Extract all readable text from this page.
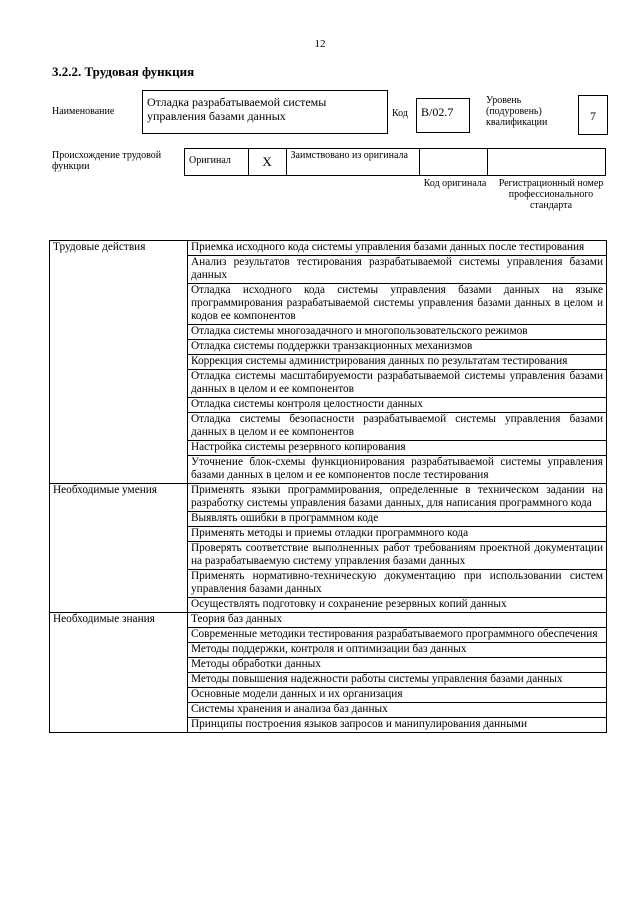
12
3.2.2. Трудовая функция
Наименование
Отладка разрабатываемой системы управления базами данных	Код	В/02.7
Уровень (подуровень) квалификации	7
Происхождение трудовой функции
Оригинал	X	Заимствовано из оригинала
Код оригинала	Регистрационный номер профессионального стандарта
Трудовые действия	Приемка исходного кода системы управления базами данных после тестирования
	Анализ результатов тестирования разрабатываемой системы управления базами данных
	Отладка исходного кода системы управления базами данных на языке программирования разрабатываемой системы управления базами данных в целом и кодов ее компонентов
	Отладка системы многозадачного и многопользовательского режимов
	Отладка системы поддержки транзакционных механизмов
	Коррекция системы администрирования данных по результатам тестирования
	Отладка системы масштабируемости разрабатываемой системы управления базами данных в целом и ее компонентов
	Отладка системы контроля целостности данных
	Отладка системы безопасности разрабатываемой системы управления базами данных в целом и ее компонентов
	Настройка системы резервного копирования
	Уточнение блок-схемы функционирования разрабатываемой системы управления базами данных в целом и ее компонентов после тестирования
Необходимые умения	Применять языки программирования, определенные в техническом задании на разработку системы управления базами данных, для написания программного кода
	Выявлять ошибки в программном коде
	Применять методы и приемы отладки программного кода
	Проверять соответствие выполненных работ требованиям проектной документации на разрабатываемую систему управления базами данных
	Применять нормативно-техническую документацию при использовании систем управления базами данных
	Осуществлять подготовку и сохранение резервных копий данных
Необходимые знания	Теория баз данных
	Современные методики тестирования разрабатываемого программного обеспечения
	Методы поддержки, контроля и оптимизации баз данных
	Методы обработки данных
	Методы повышения надежности работы системы управления базами данных
	Основные модели данных и их организация
	Системы хранения и анализа баз данных
	Принципы построения языков запросов и манипулирования данными
